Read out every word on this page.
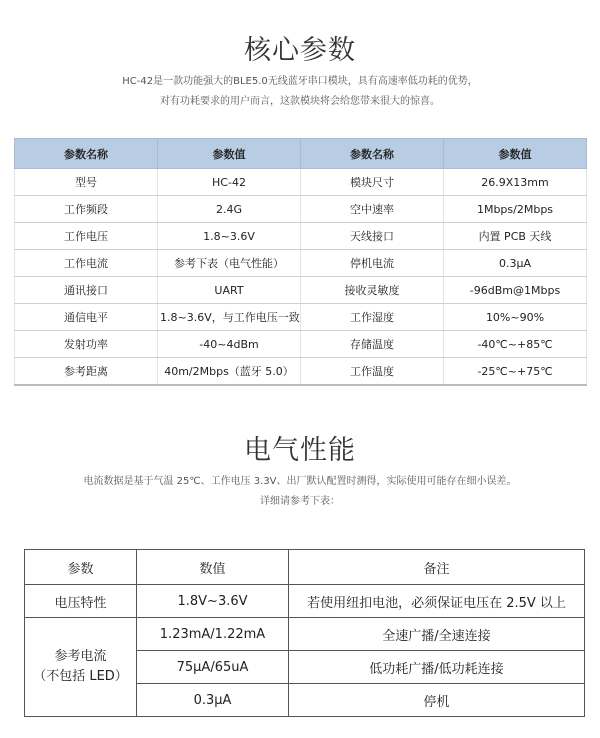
核心参数
HC-42是一款功能强大的BLE5.0无线蓝牙串口模块，具有高速率低功耗的优势，
对有功耗要求的用户而言，这款模块将会给您带来很大的惊喜。
参数名称	参数值	参数名称	参数值
型号	HC-42	模块尺寸	26.9X13mm
工作频段	2.4G	空中速率	1Mbps/2Mbps
工作电压	1.8~3.6V	天线接口	内置 PCB 天线
工作电流	参考下表（电气性能）	停机电流	0.3μA
通讯接口	UART	接收灵敏度	-96dBm@1Mbps
通信电平	1.8~3.6V，与工作电压一致	工作湿度	10%~90%
发射功率	-40~4dBm	存储温度	-40℃~+85℃
参考距离	40m/2Mbps（蓝牙 5.0）	工作温度	-25℃~+75℃
电气性能
电流数据是基于气温 25℃、工作电压 3.3V、出厂默认配置时测得，实际使用可能存在细小误差。
详细请参考下表：
参数	数值	备注
电压特性	1.8V~3.6V	若使用纽扣电池，必须保证电压在 2.5V 以上

参考电流
（不包括 LED）	1.23mA/1.22mA	全速广播/全速连接
	75μA/65uA	低功耗广播/低功耗连接
	0.3μA	停机
